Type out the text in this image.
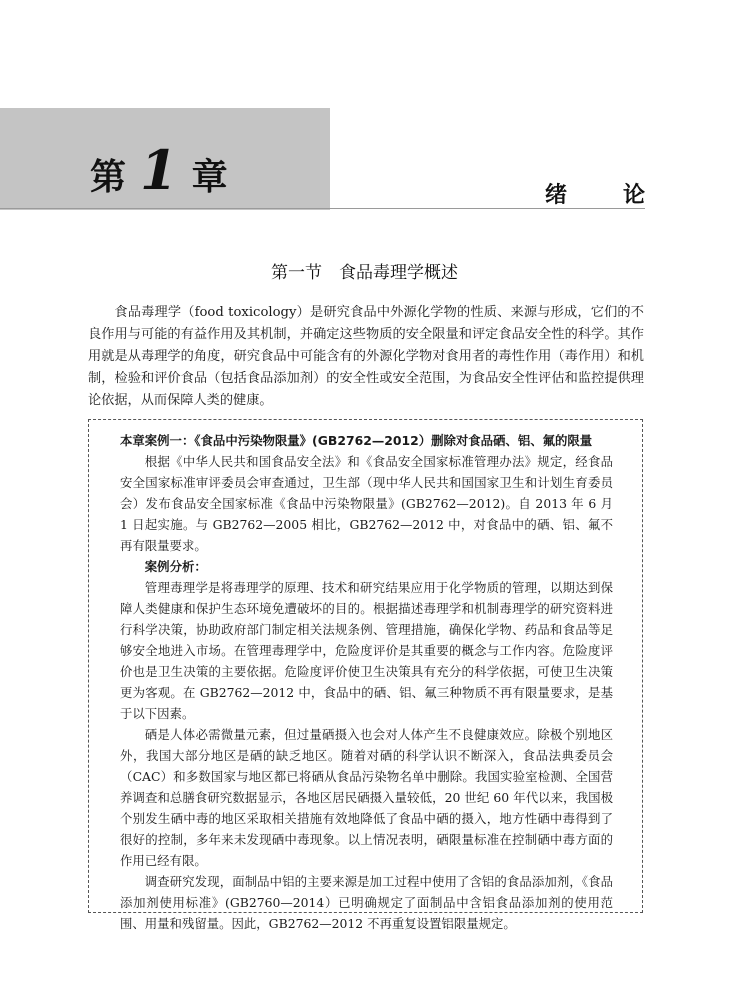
第 1 章	绪	论
第一节　食品毒理学概述

食品毒理学（food toxicology）是研究食品中外源化学物的性质、来源与形成，它们的不良作用与可能的有益作用及其机制，并确定这些物质的安全限量和评定食品安全性的科学。其作用就是从毒理学的角度，研究食品中可能含有的外源化学物对食用者的毒性作用（毒作用）和机制，检验和评价食品（包括食品添加剂）的安全性或安全范围，为食品安全性评估和监控提供理论依据，从而保障人类的健康。

本章案例一：《食品中污染物限量》(GB2762—2012）删除对食品硒、铝、氟的限量

根据《中华人民共和国食品安全法》和《食品安全国家标准管理办法》规定，经食品安全国家标准审评委员会审查通过，卫生部（现中华人民共和国国家卫生和计划生育委员会）发布食品安全国家标准《食品中污染物限量》(GB2762—2012)。自 2013 年 6 月 1 日起实施。与 GB2762—2005 相比，GB2762—2012 中，对食品中的硒、铝、氟不再有限量要求。

案例分析：

管理毒理学是将毒理学的原理、技术和研究结果应用于化学物质的管理，以期达到保障人类健康和保护生态环境免遭破坏的目的。根据描述毒理学和机制毒理学的研究资料进行科学决策，协助政府部门制定相关法规条例、管理措施，确保化学物、药品和食品等足够安全地进入市场。在管理毒理学中，危险度评价是其重要的概念与工作内容。危险度评价也是卫生决策的主要依据。危险度评价使卫生决策具有充分的科学依据，可使卫生决策更为客观。在 GB2762—2012 中，食品中的硒、铝、氟三种物质不再有限量要求，是基于以下因素。

硒是人体必需微量元素，但过量硒摄入也会对人体产生不良健康效应。除极个别地区外，我国大部分地区是硒的缺乏地区。随着对硒的科学认识不断深入，食品法典委员会（CAC）和多数国家与地区都已将硒从食品污染物名单中删除。我国实验室检测、全国营养调查和总膳食研究数据显示，各地区居民硒摄入量较低，20 世纪 60 年代以来，我国极个别发生硒中毒的地区采取相关措施有效地降低了食品中硒的摄入，地方性硒中毒得到了很好的控制，多年来未发现硒中毒现象。以上情况表明，硒限量标准在控制硒中毒方面的作用已经有限。

调查研究发现，面制品中铝的主要来源是加工过程中使用了含铝的食品添加剂，《食品添加剂使用标准》(GB2760—2014）已明确规定了面制品中含铝食品添加剂的使用范围、用量和残留量。因此，GB2762—2012 不再重复设置铝限量规定。
